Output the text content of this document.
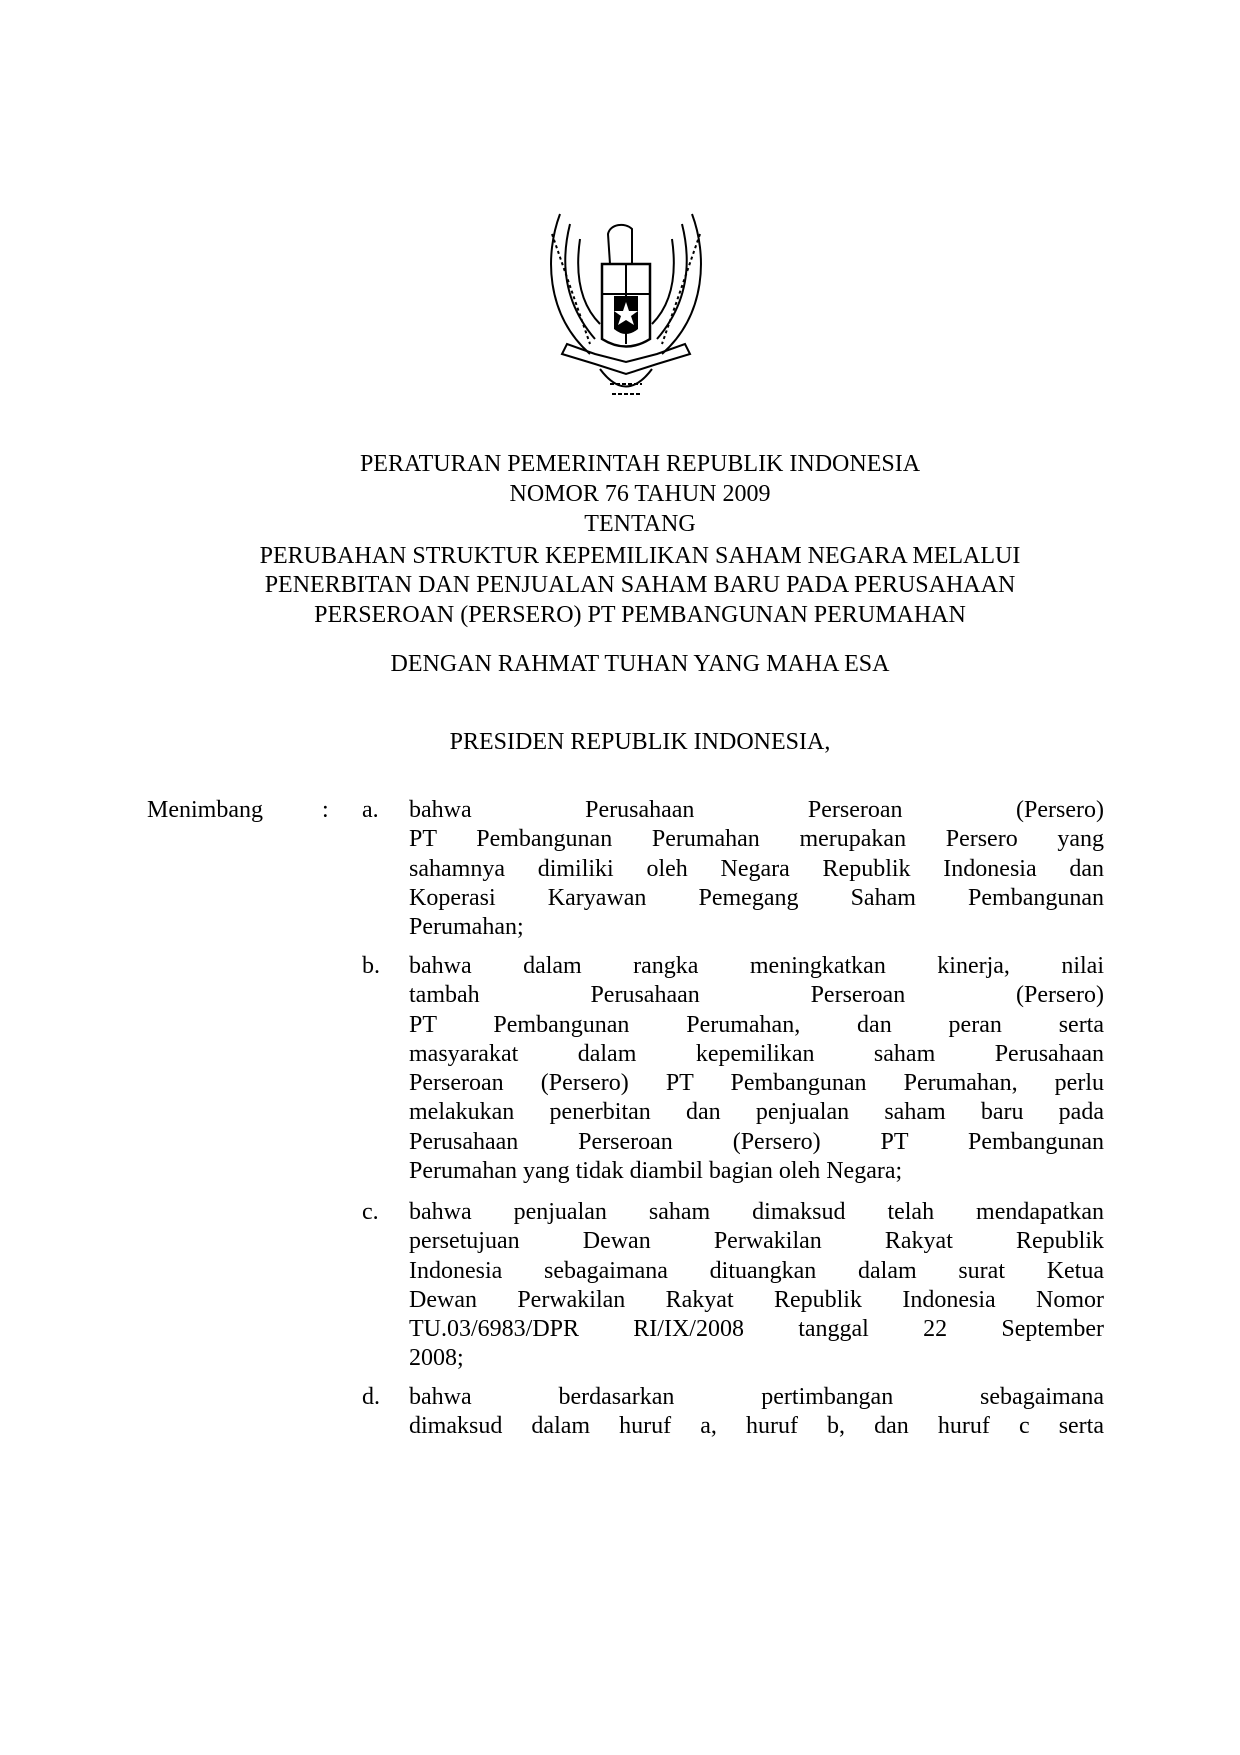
PERATURAN PEMERINTAH REPUBLIK INDONESIA
NOMOR 76 TAHUN 2009
TENTANG
PERUBAHAN STRUKTUR KEPEMILIKAN SAHAM NEGARA MELALUI
PENERBITAN DAN PENJUALAN SAHAM BARU PADA PERUSAHAAN
PERSEROAN (PERSERO) PT PEMBANGUNAN PERUMAHAN
DENGAN RAHMAT TUHAN YANG MAHA ESA
PRESIDEN REPUBLIK INDONESIA,
Menimbang : a.	bahwa Perusahaan Perseroan (Persero)
PT Pembangunan Perumahan merupakan Persero yang
sahamnya dimiliki oleh Negara Republik Indonesia dan
Koperasi Karyawan Pemegang Saham Pembangunan
Perumahan;
b.	bahwa dalam rangka meningkatkan kinerja, nilai
tambah Perusahaan Perseroan (Persero)
PT Pembangunan Perumahan, dan peran serta
masyarakat dalam kepemilikan saham Perusahaan
Perseroan (Persero) PT Pembangunan Perumahan, perlu
melakukan penerbitan dan penjualan saham baru pada
Perusahaan Perseroan (Persero) PT Pembangunan
Perumahan yang tidak diambil bagian oleh Negara;
c.	bahwa penjualan saham dimaksud telah mendapatkan
persetujuan Dewan Perwakilan Rakyat Republik
Indonesia sebagaimana dituangkan dalam surat Ketua
Dewan Perwakilan Rakyat Republik Indonesia Nomor
TU.03/6983/DPR RI/IX/2008 tanggal 22 September
2008;
d.	bahwa berdasarkan pertimbangan sebagaimana
dimaksud dalam huruf a, huruf b, dan huruf c serta
